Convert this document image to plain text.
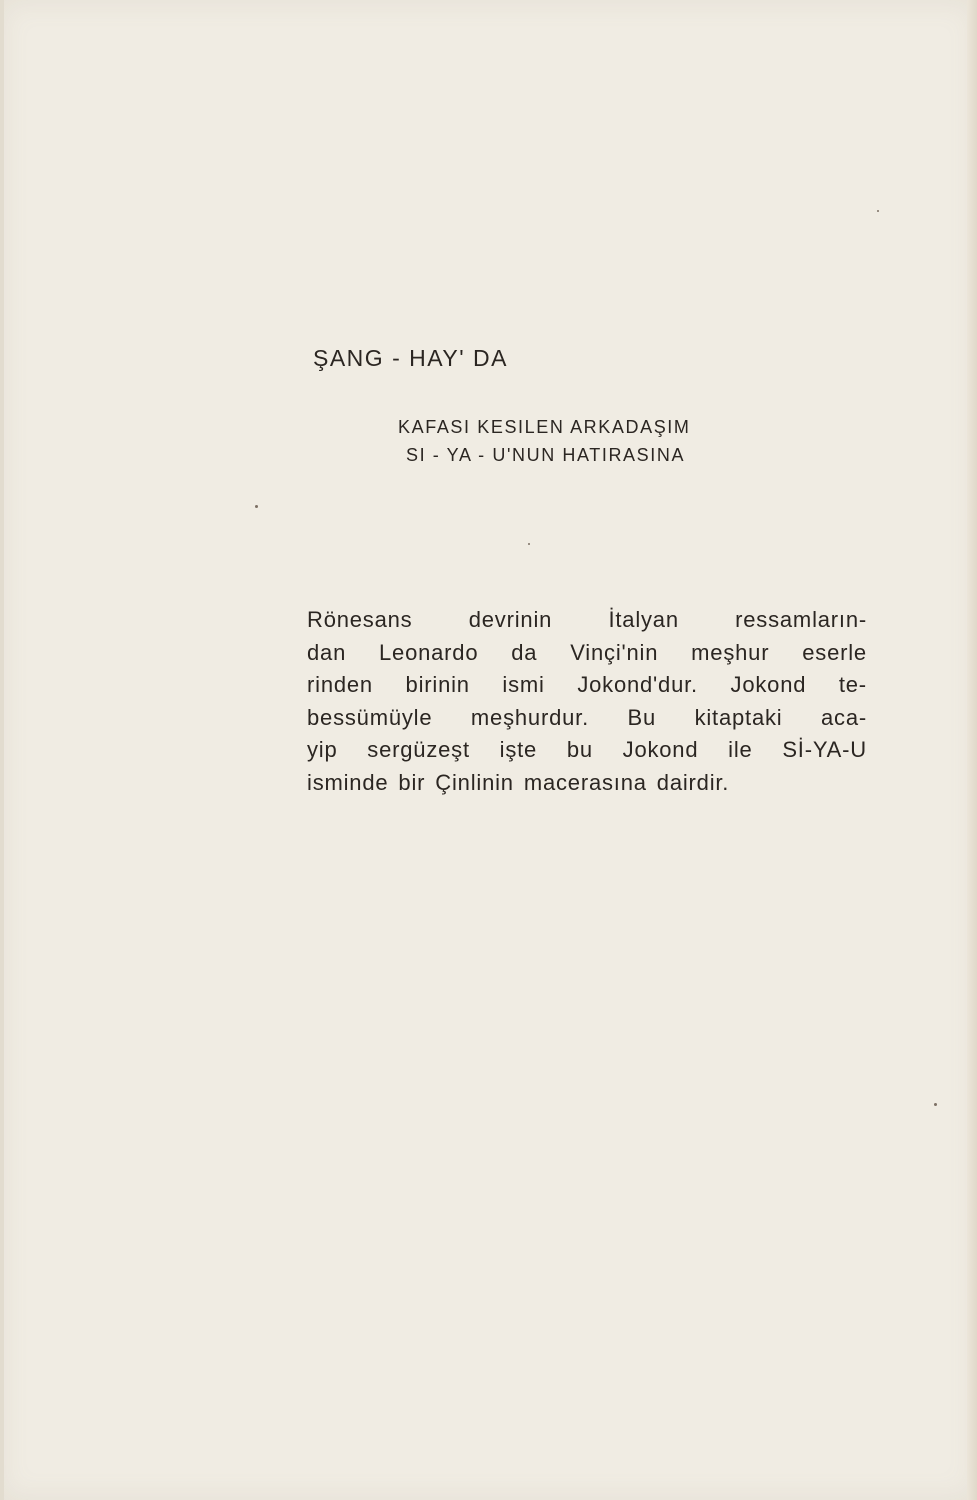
ŞANG - HAY' DA
KAFASI KESILEN ARKADAŞIM
SI - YA - U'NUN HATIRASINA
Rönesans	devrinin	İtalyan	ressamların-
dan Leonardo da Vinçi'nin meşhur eserle
rinden birinin ismi Jokond'dur. Jokond te-
bessümüyle meşhurdur. Bu kitaptaki aca-
yip sergüzeşt işte bu Jokond ile Sİ-YA-U
isminde bir Çinlinin macerasına dairdir.
